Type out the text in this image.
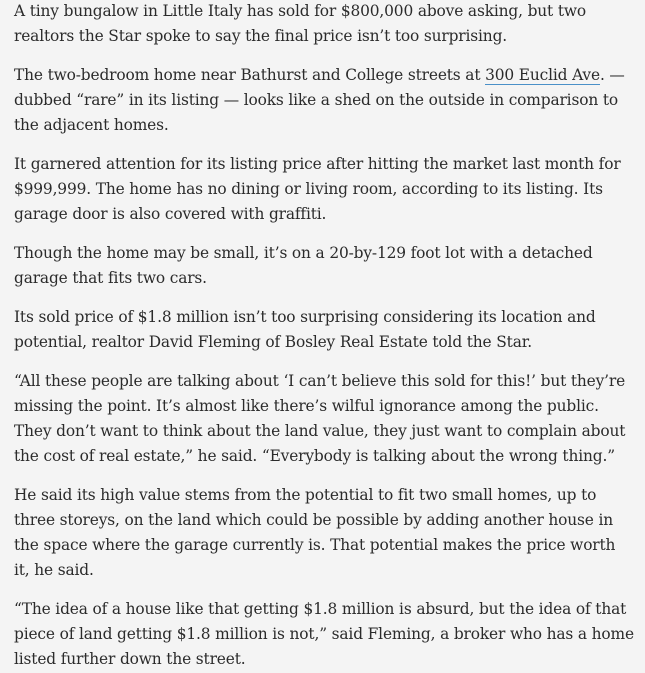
A tiny bungalow in Little Italy has sold for $800,000 above asking, but two realtors the Star spoke to say the final price isn’t too surprising.

The two-bedroom home near Bathurst and College streets at 300 Euclid Ave. — dubbed “rare” in its listing — looks like a shed on the outside in comparison to the adjacent homes.

It garnered attention for its listing price after hitting the market last month for $999,999. The home has no dining or living room, according to its listing. Its garage door is also covered with graffiti.

Though the home may be small, it’s on a 20-by-129 foot lot with a detached garage that fits two cars.

Its sold price of $1.8 million isn’t too surprising considering its location and potential, realtor David Fleming of Bosley Real Estate told the Star.

“All these people are talking about ‘I can’t believe this sold for this!’ but they’re missing the point. It’s almost like there’s wilful ignorance among the public. They don’t want to think about the land value, they just want to complain about the cost of real estate,” he said. “Everybody is talking about the wrong thing.”

He said its high value stems from the potential to fit two small homes, up to three storeys, on the land which could be possible by adding another house in the space where the garage currently is. That potential makes the price worth it, he said.

“The idea of a house like that getting $1.8 million is absurd, but the idea of that piece of land getting $1.8 million is not,” said Fleming, a broker who has a home listed further down the street.
